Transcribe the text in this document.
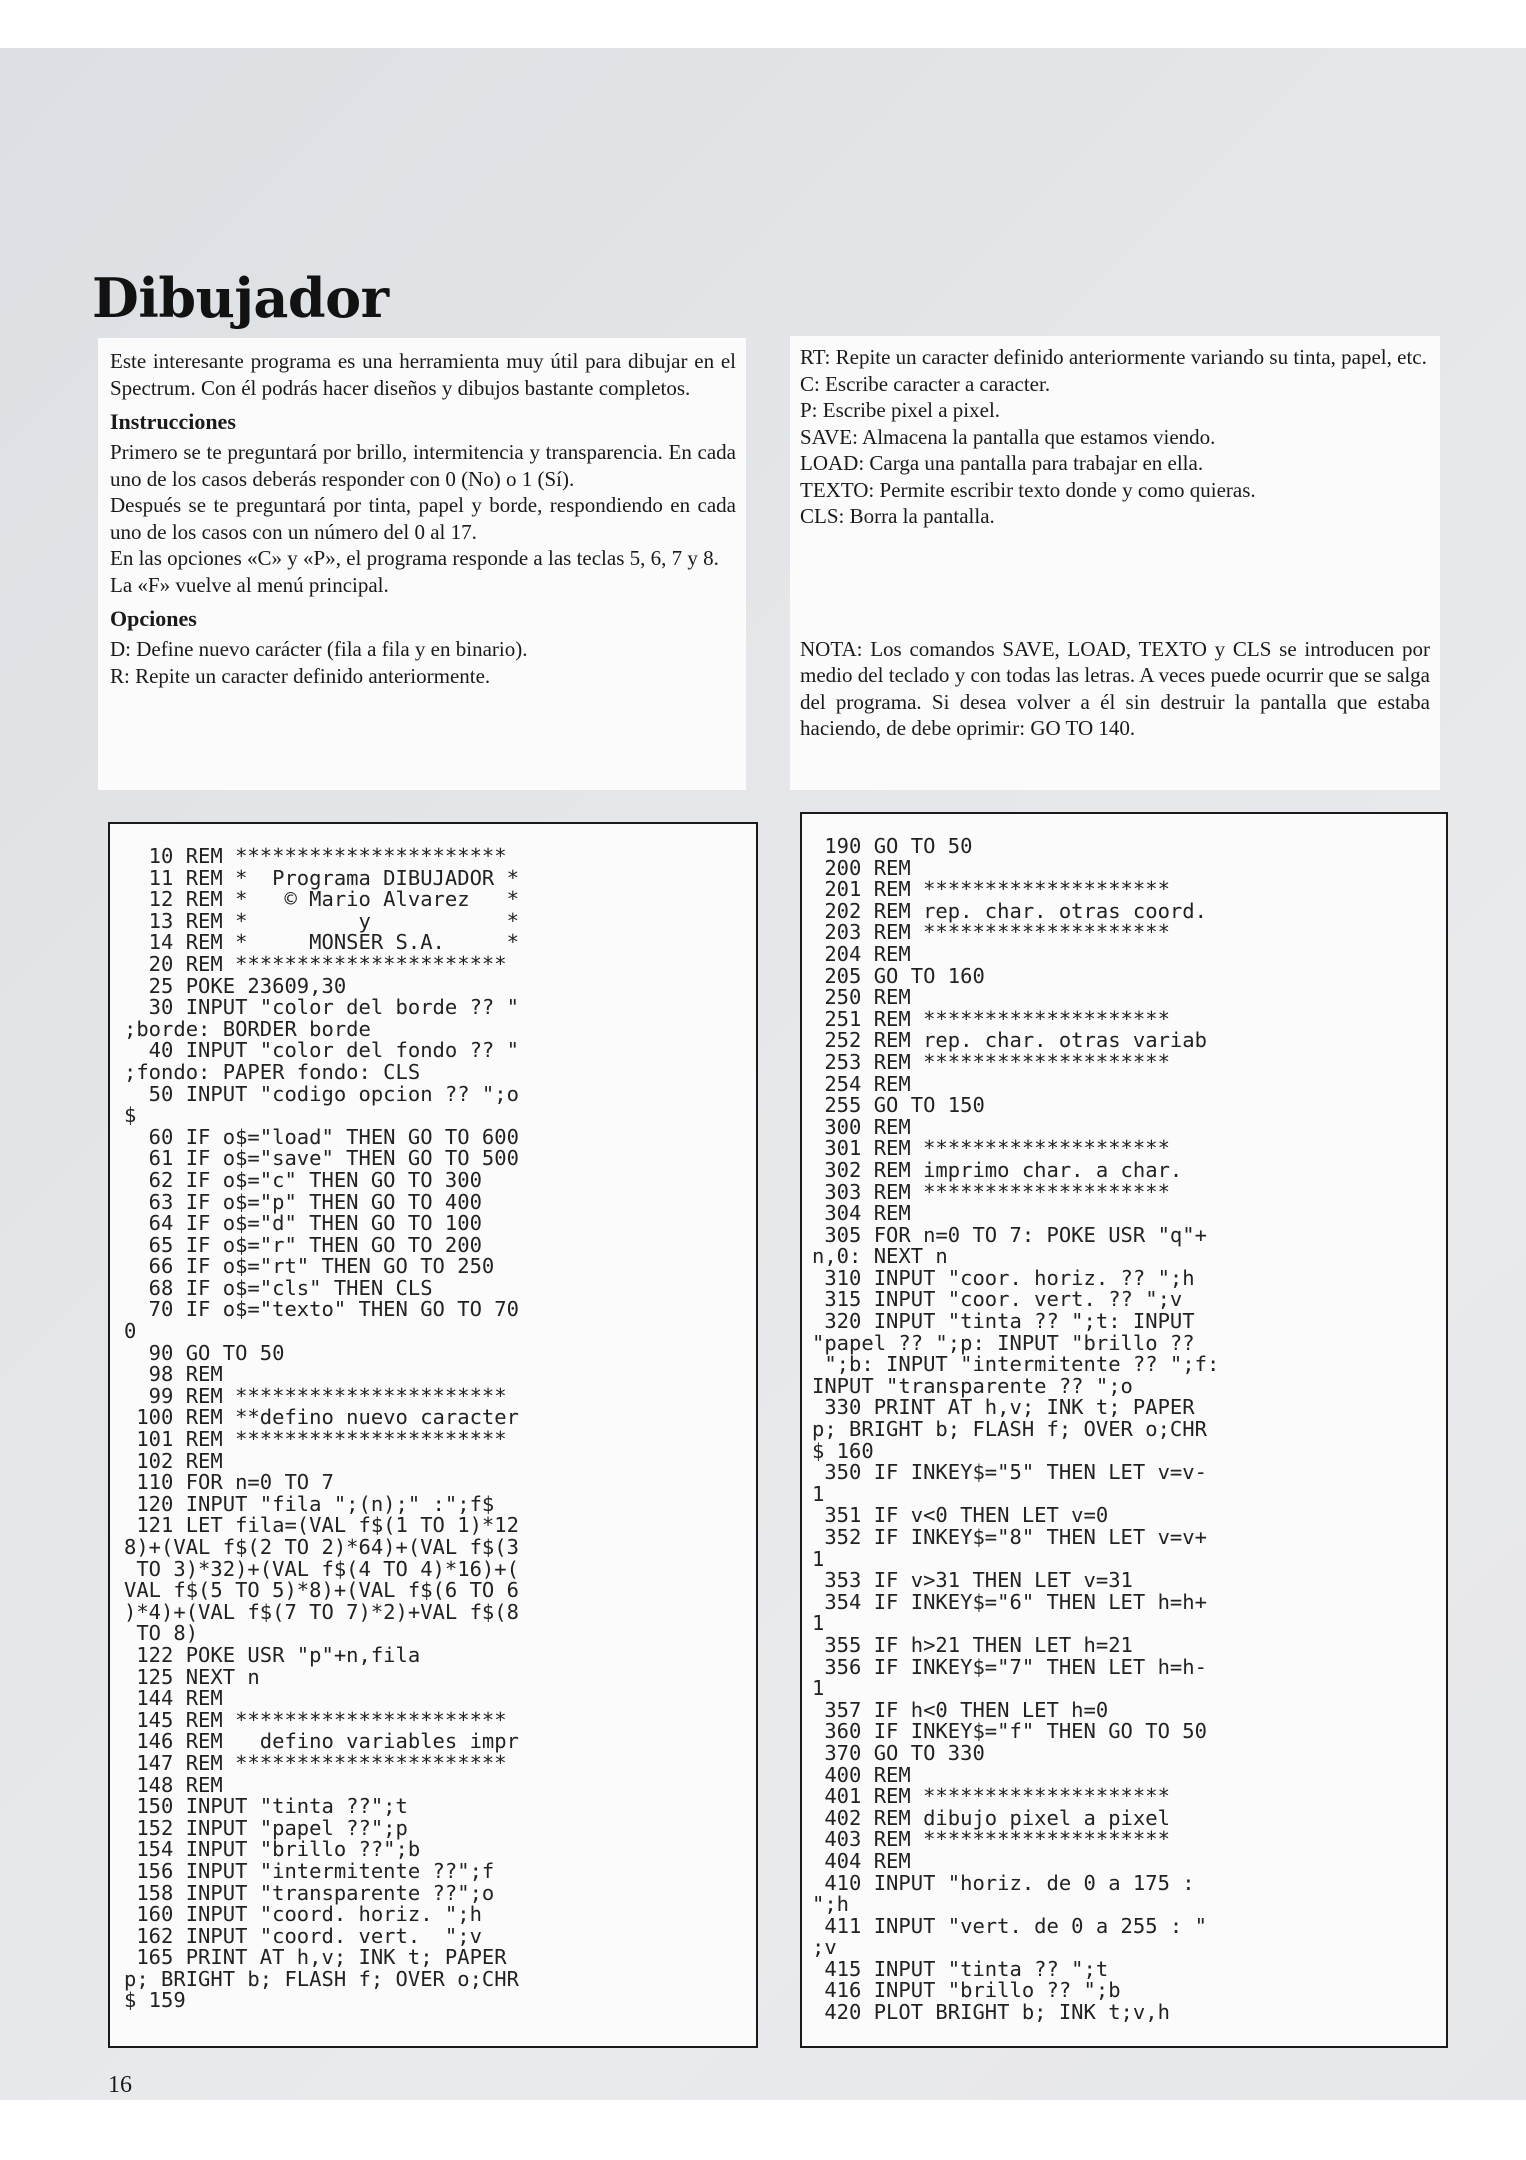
Dibujador

Este interesante programa es una herramienta muy útil para dibujar en el Spectrum. Con él podrás hacer diseños y dibujos bastante completos.

Instrucciones

Primero se te preguntará por brillo, intermitencia y transparencia. En cada uno de los casos deberás responder con 0 (No) o 1 (Sí).

Después se te preguntará por tinta, papel y borde, respondiendo en cada uno de los casos con un número del 0 al 17.

En las opciones «C» y «P», el programa responde a las teclas 5, 6, 7 y 8.

La «F» vuelve al menú principal.

Opciones

D: Define nuevo carácter (fila a fila y en binario).

R: Repite un caracter definido anteriormente.

RT: Repite un caracter definido anteriormente variando su tinta, papel, etc.

C: Escribe caracter a caracter.

P: Escribe pixel a pixel.

SAVE: Almacena la pantalla que estamos viendo.

LOAD: Carga una pantalla para trabajar en ella.

TEXTO: Permite escribir texto donde y como quieras.

CLS: Borra la pantalla.

NOTA: Los comandos SAVE, LOAD, TEXTO y CLS se introducen por medio del teclado y con todas las letras. A veces puede ocurrir que se salga del programa. Si desea volver a él sin destruir la pantalla que estaba haciendo, de debe oprimir: GO TO 140.

10 REM **********************

11 REM *  Programa DIBUJADOR *

12 REM *   © Mario Alvarez   *

13 REM *         y           *

14 REM *     MONSER S.A.     *

20 REM **********************

25 POKE 23609,30

30 INPUT "color del borde ?? "

;borde: BORDER borde

40 INPUT "color del fondo ?? "

;fondo: PAPER fondo: CLS

50 INPUT "codigo opcion ?? ";o

$

60 IF o$="load" THEN GO TO 600

61 IF o$="save" THEN GO TO 500

62 IF o$="c" THEN GO TO 300

63 IF o$="p" THEN GO TO 400

64 IF o$="d" THEN GO TO 100

65 IF o$="r" THEN GO TO 200

66 IF o$="rt" THEN GO TO 250

68 IF o$="cls" THEN CLS

70 IF o$="texto" THEN GO TO 70

0

90 GO TO 50

98 REM

99 REM **********************

100 REM **defino nuevo caracter

101 REM **********************

102 REM

110 FOR n=0 TO 7

120 INPUT "fila ";(n);" :";f$

121 LET fila=(VAL f$(1 TO 1)*12

8)+(VAL f$(2 TO 2)*64)+(VAL f$(3

TO 3)*32)+(VAL f$(4 TO 4)*16)+(

VAL f$(5 TO 5)*8)+(VAL f$(6 TO 6

)*4)+(VAL f$(7 TO 7)*2)+VAL f$(8

TO 8)

122 POKE USR "p"+n,fila

125 NEXT n

144 REM

145 REM **********************

146 REM   defino variables impr

147 REM **********************

148 REM

150 INPUT "tinta ??";t

152 INPUT "papel ??";p

154 INPUT "brillo ??";b

156 INPUT "intermitente ??";f

158 INPUT "transparente ??";o

160 INPUT "coord. horiz. ";h

162 INPUT "coord. vert.  ";v

165 PRINT AT h,v; INK t; PAPER

p; BRIGHT b; FLASH f; OVER o;CHR

$ 159

190 GO TO 50

200 REM

201 REM ********************

202 REM rep. char. otras coord.

203 REM ********************

204 REM

205 GO TO 160

250 REM

251 REM ********************

252 REM rep. char. otras variab

253 REM ********************

254 REM

255 GO TO 150

300 REM

301 REM ********************

302 REM imprimo char. a char.

303 REM ********************

304 REM

305 FOR n=0 TO 7: POKE USR "q"+

n,0: NEXT n

310 INPUT "coor. horiz. ?? ";h

315 INPUT "coor. vert. ?? ";v

320 INPUT "tinta ?? ";t: INPUT

"papel ?? ";p: INPUT "brillo ??

";b: INPUT "intermitente ?? ";f:

INPUT "transparente ?? ";o

330 PRINT AT h,v; INK t; PAPER

p; BRIGHT b; FLASH f; OVER o;CHR

$ 160

350 IF INKEY$="5" THEN LET v=v-

1

351 IF v<0 THEN LET v=0

352 IF INKEY$="8" THEN LET v=v+

1

353 IF v>31 THEN LET v=31

354 IF INKEY$="6" THEN LET h=h+

1

355 IF h>21 THEN LET h=21

356 IF INKEY$="7" THEN LET h=h-

1

357 IF h<0 THEN LET h=0

360 IF INKEY$="f" THEN GO TO 50

370 GO TO 330

400 REM

401 REM ********************

402 REM dibujo pixel a pixel

403 REM ********************

404 REM

410 INPUT "horiz. de 0 a 175 :

";h

411 INPUT "vert. de 0 a 255 : "

;v

415 INPUT "tinta ?? ";t

416 INPUT "brillo ?? ";b

420 PLOT BRIGHT b; INK t;v,h

16
